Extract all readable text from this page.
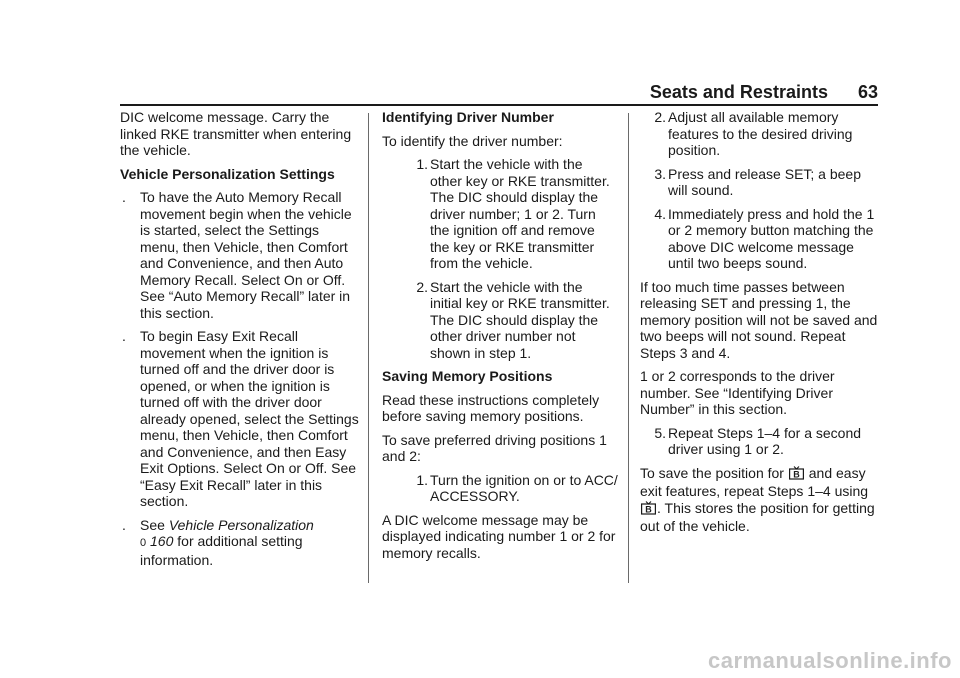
Seats and Restraints 63

DIC welcome message. Carry the linked RKE transmitter when entering the vehicle.

Vehicle Personalization Settings

. To have the Auto Memory Recall movement begin when the vehicle is started, select the Settings menu, then Vehicle, then Comfort and Convenience, and then Auto Memory Recall. Select On or Off. See “Auto Memory Recall” later in this section.
. To begin Easy Exit Recall movement when the ignition is turned off and the driver door is opened, or when the ignition is turned off with the driver door already opened, select the Settings menu, then Vehicle, then Comfort and Convenience, and then Easy Exit Options. Select On or Off. See “Easy Exit Recall” later in this section.
. See Vehicle Personalization
0 160 for additional setting information.

Identifying Driver Number

To identify the driver number:

1. Start the vehicle with the other key or RKE transmitter. The DIC should display the driver number; 1 or 2. Turn the ignition off and remove the key or RKE transmitter from the vehicle.
2. Start the vehicle with the initial key or RKE transmitter. The DIC should display the other driver number not shown in step 1.

Saving Memory Positions

Read these instructions completely before saving memory positions.

To save preferred driving positions 1 and 2:

1. Turn the ignition on or to ACC/ ACCESSORY.

A DIC welcome message may be displayed indicating number 1 or 2 for memory recalls.

2. Adjust all available memory features to the desired driving position.
3. Press and release SET; a beep will sound.
4. Immediately press and hold the 1 or 2 memory button matching the above DIC welcome message until two beeps sound.

If too much time passes between releasing SET and pressing 1, the memory position will not be saved and two beeps will not sound. Repeat Steps 3 and 4.

1 or 2 corresponds to the driver number. See “Identifying Driver Number” in this section.

5. Repeat Steps 1–4 for a second driver using 1 or 2.

To save the position for B and easy exit features, repeat Steps 1–4 using
B . This stores the position for getting out of the vehicle.

carmanualsonline.info
